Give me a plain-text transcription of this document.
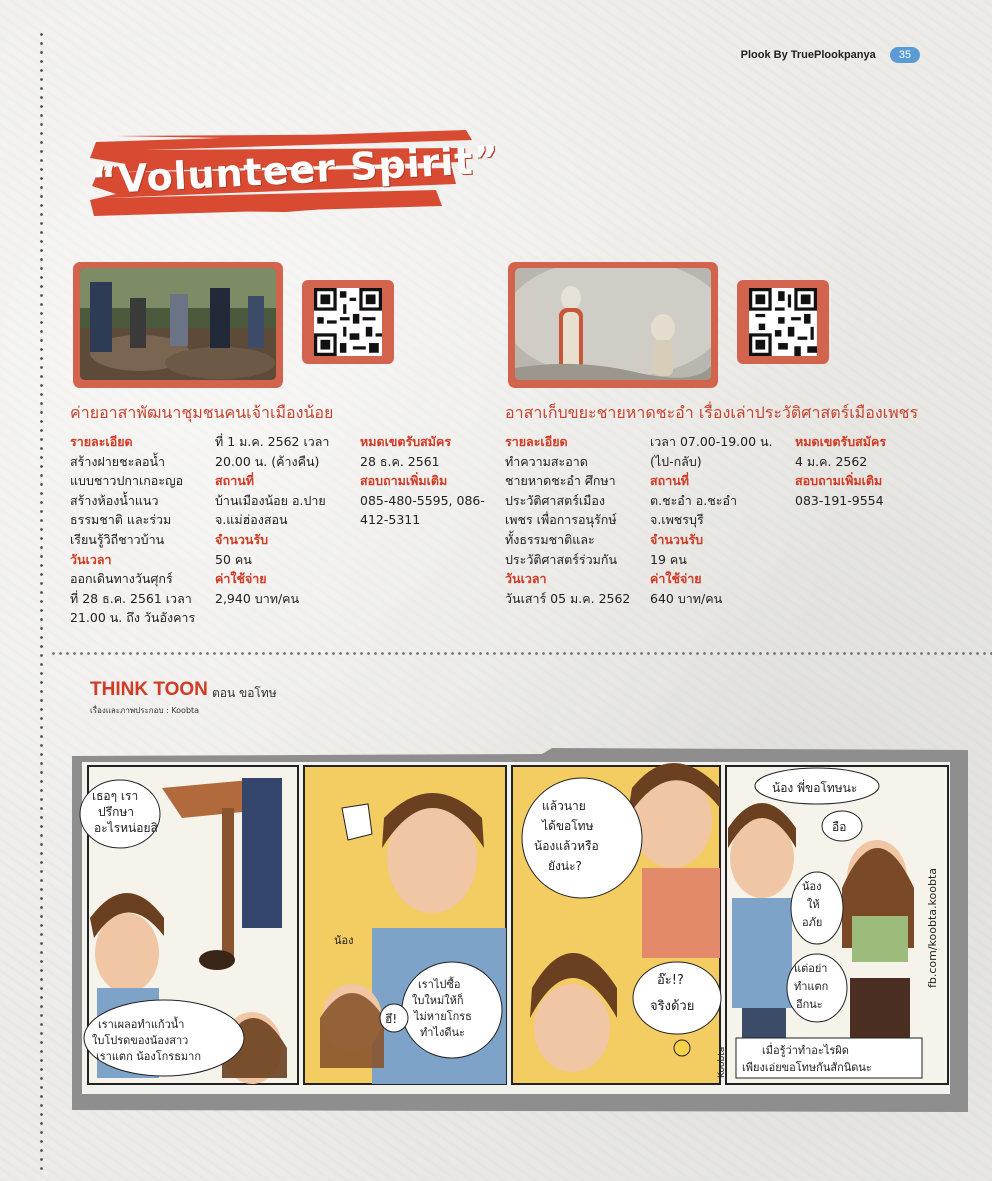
Plook By TruePlookpanya	35
“Volunteer Spirit”
ค่ายอาสาพัฒนาชุมชนคนเจ้าเมืองน้อย
รายละเอียด
สร้างฝายชะลอน้ำ
แบบชาวปกาเกอะญอ
สร้างห้องน้ำแนว
ธรรมชาติ และร่วม
เรียนรู้วิถีชาวบ้าน
วันเวลา
ออกเดินทางวันศุกร์
ที่ 28 ธ.ค. 2561 เวลา
21.00 น. ถึง วันอังคาร
ที่ 1 ม.ค. 2562 เวลา
20.00 น. (ค้างคืน)
สถานที่
บ้านเมืองน้อย อ.ปาย
จ.แม่ฮ่องสอน
จำนวนรับ
50 คน
ค่าใช้จ่าย
2,940 บาท/คน
หมดเขตรับสมัคร
28 ธ.ค. 2561
สอบถามเพิ่มเติม
085-480-5595, 086-
412-5311
อาสาเก็บขยะชายหาดชะอำ เรื่องเล่าประวัติศาสตร์เมืองเพชร
รายละเอียด
ทำความสะอาด
ชายหาดชะอำ ศึกษา
ประวัติศาสตร์เมือง
เพชร เพื่อการอนุรักษ์
ทั้งธรรมชาติและ
ประวัติศาสตร์ร่วมกัน
วันเวลา
วันเสาร์ 05 ม.ค. 2562
เวลา 07.00-19.00 น.
(ไป-กลับ)
สถานที่
ต.ชะอำ อ.ชะอำ
จ.เพชรบุรี
จำนวนรับ
19 คน
ค่าใช้จ่าย
640 บาท/คน
หมดเขตรับสมัคร
4 ม.ค. 2562
สอบถามเพิ่มเติม
083-191-9554
THINK TOON ตอน ขอโทษ
เรื่องและภาพประกอบ : Koobta
เธอๆ เรา
ปรึกษา
อะไรหน่อยสิ
เราเผลอทำแก้วน้ำ
ใบโปรดของน้องสาว
เราแตก น้องโกรธมาก
เราไปซื้อ
ใบใหม่ให้ก็
ไม่หายโกรธ
ทำไงดีนะ
น้อง
ฮึ!
แล้วนาย
ได้ขอโทษ
น้องแล้วหรือ
ยังน่ะ?
อ๊ะ!?
จริงด้วย
น้อง พี่ขอโทษนะ
อือ
น้อง
ให้
อภัย
แต่อย่า
ทำแตก
อีกนะ
เมื่อรู้ว่าทำอะไรผิด
เพียงเอ่ยขอโทษกันสักนิดนะ
fb.com/koobta.koobta
Koobta
